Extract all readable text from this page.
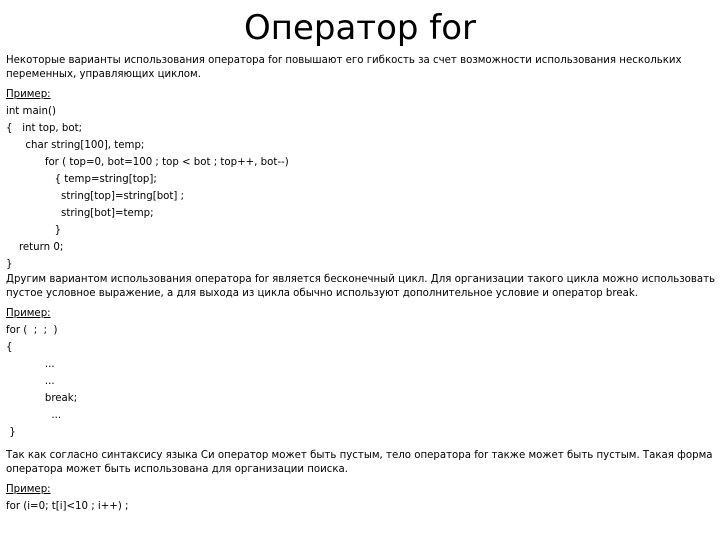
Оператор for
Некоторые варианты использования оператора for повышают его гибкость за счет возможности использования нескольких переменных, управляющих циклом.
Пример:
int main()
{   int top, bot;
char string[100], temp;
for ( top=0, bot=100 ; top < bot ; top++, bot--)
{ temp=string[top];
string[top]=string[bot] ;
string[bot]=temp;
}
return 0;
}
Другим вариантом использования оператора for является бесконечный цикл. Для организации такого цикла можно использовать пустое условное выражение, а для выхода из цикла обычно используют дополнительное условие и оператор break.
Пример:
for (  ;  ;  )
{
...
...
break;
...
}
Так как согласно синтаксису языка Си оператор может быть пустым, тело оператора for также может быть пустым. Такая форма оператора может быть использована для организации поиска.
Пример:
for (i=0; t[i]<10 ; i++) ;
